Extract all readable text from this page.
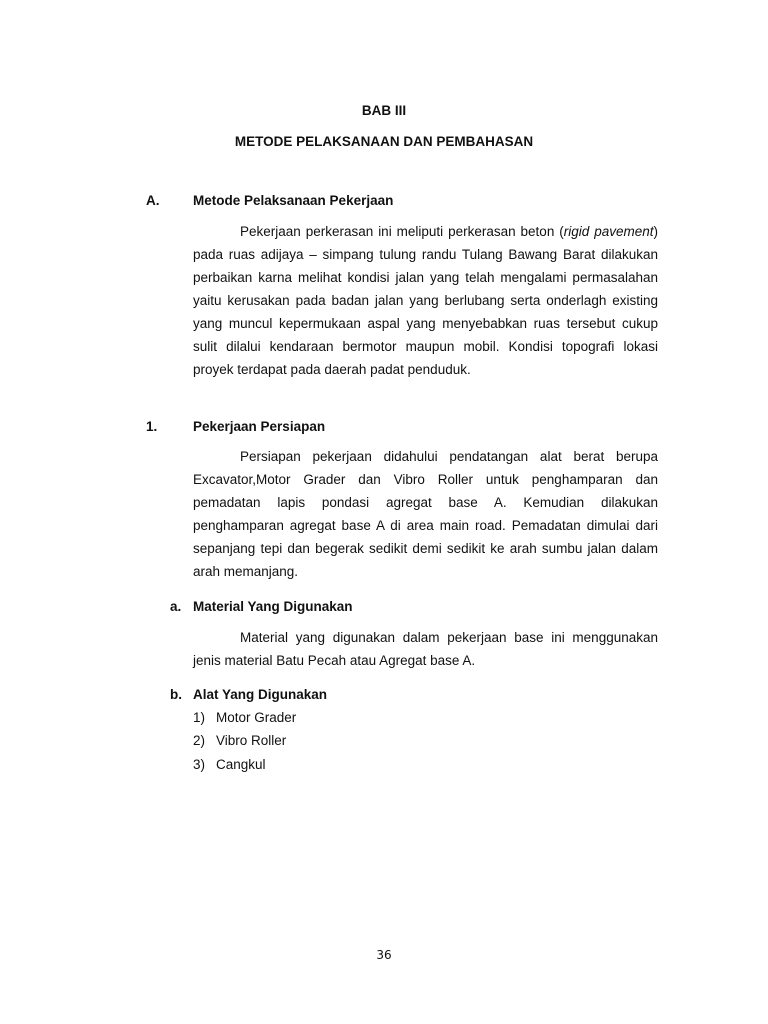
BAB III
METODE PELAKSANAAN DAN PEMBAHASAN
A. Metode Pelaksanaan Pekerjaan
Pekerjaan perkerasan ini meliputi perkerasan beton (rigid pavement) pada ruas adijaya – simpang tulung randu Tulang Bawang Barat dilakukan perbaikan karna melihat kondisi jalan yang telah mengalami permasalahan yaitu kerusakan pada badan jalan yang berlubang serta onderlagh existing yang muncul kepermukaan aspal yang menyebabkan ruas tersebut cukup sulit dilalui kendaraan bermotor maupun mobil. Kondisi topografi lokasi proyek terdapat pada daerah padat penduduk.
1.	Pekerjaan Persiapan
Persiapan pekerjaan didahului pendatangan alat berat berupa Excavator,Motor Grader dan Vibro Roller untuk penghamparan dan pemadatan lapis pondasi agregat base A. Kemudian dilakukan penghamparan agregat base A di area main road. Pemadatan dimulai dari sepanjang tepi dan begerak sedikit demi sedikit ke arah sumbu jalan dalam arah memanjang.
a. Material Yang Digunakan
Material yang digunakan dalam pekerjaan base ini menggunakan jenis material Batu Pecah atau Agregat base A.
b. Alat Yang Digunakan
1) Motor Grader
2) Vibro Roller
3) Cangkul
36
